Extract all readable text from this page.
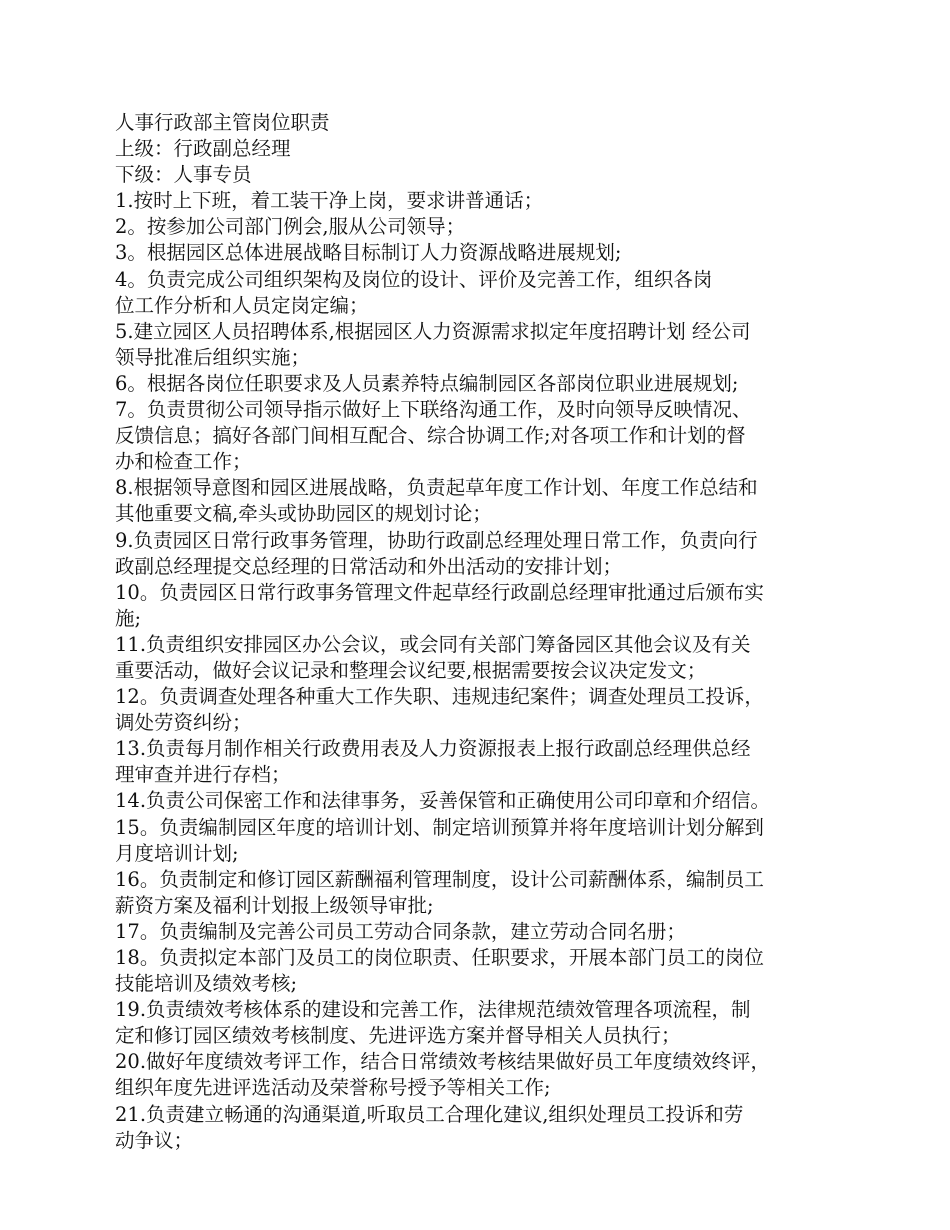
人事行政部主管岗位职责
上级：行政副总经理
下级：人事专员
1.按时上下班，着工装干净上岗，要求讲普通话；
2。按参加公司部门例会,服从公司领导；
3。根据园区总体进展战略目标制订人力资源战略进展规划;
4。负责完成公司组织架构及岗位的设计、评价及完善工作，组织各岗
位工作分析和人员定岗定编；
5.建立园区人员招聘体系,根据园区人力资源需求拟定年度招聘计划 经公司
领导批准后组织实施；
6。根据各岗位任职要求及人员素养特点编制园区各部岗位职业进展规划;
7。负责贯彻公司领导指示做好上下联络沟通工作，及时向领导反映情况、
反馈信息；搞好各部门间相互配合、综合协调工作;对各项工作和计划的督
办和检查工作；
8.根据领导意图和园区进展战略，负责起草年度工作计划、年度工作总结和
其他重要文稿,牵头或协助园区的规划讨论；
9.负责园区日常行政事务管理，协助行政副总经理处理日常工作，负责向行
政副总经理提交总经理的日常活动和外出活动的安排计划；
10。负责园区日常行政事务管理文件起草经行政副总经理审批通过后颁布实
施;
11.负责组织安排园区办公会议，或会同有关部门筹备园区其他会议及有关
重要活动，做好会议记录和整理会议纪要,根据需要按会议决定发文；
12。负责调查处理各种重大工作失职、违规违纪案件；调查处理员工投诉，
调处劳资纠纷；
13.负责每月制作相关行政费用表及人力资源报表上报行政副总经理供总经
理审查并进行存档；
14.负责公司保密工作和法律事务，妥善保管和正确使用公司印章和介绍信。
15。负责编制园区年度的培训计划、制定培训预算并将年度培训计划分解到
月度培训计划;
16。负责制定和修订园区薪酬福利管理制度，设计公司薪酬体系，编制员工
薪资方案及福利计划报上级领导审批;
17。负责编制及完善公司员工劳动合同条款，建立劳动合同名册；
18。负责拟定本部门及员工的岗位职责、任职要求，开展本部门员工的岗位
技能培训及绩效考核;
19.负责绩效考核体系的建设和完善工作，法律规范绩效管理各项流程，制
定和修订园区绩效考核制度、先进评选方案并督导相关人员执行；
20.做好年度绩效考评工作，结合日常绩效考核结果做好员工年度绩效终评，
组织年度先进评选活动及荣誉称号授予等相关工作;
21.负责建立畅通的沟通渠道,听取员工合理化建议,组织处理员工投诉和劳
动争议；
